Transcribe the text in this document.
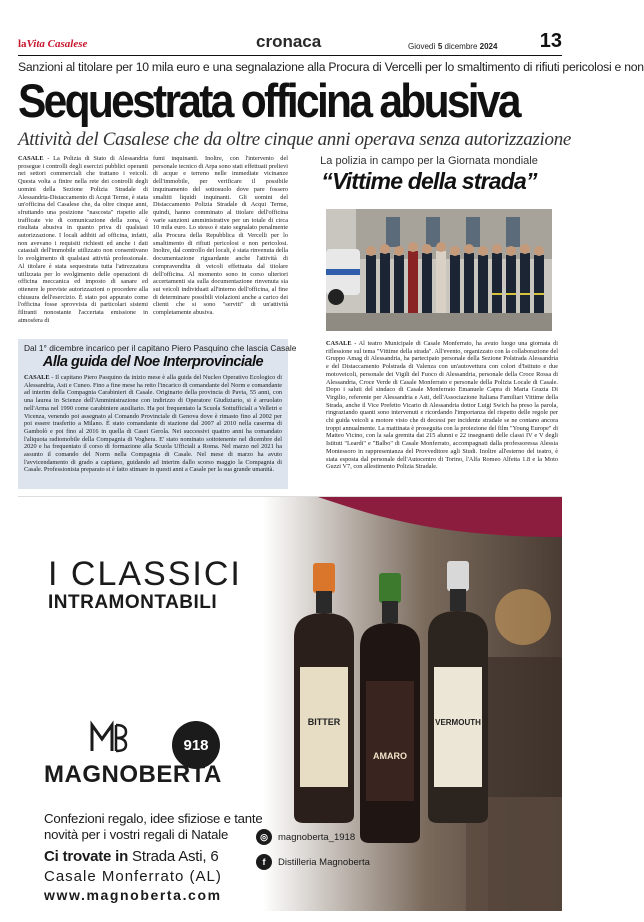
laVita Casalese	cronaca	Giovedì 5 dicembre 2024 13
Sanzioni al titolare per 10 mila euro e una segnalazione alla Procura di Vercelli per lo smaltimento di rifiuti pericolosi e non
Sequestrata officina abusiva
Attività del Casalese che da oltre cinque anni operava senza autorizzazione
CASALE - La Polizia di Stato di Alessandria prosegue i controlli degli esercizi pubblici operanti nei settori commerciali che trattano i veicoli. Questa volta a finire nella rete dei controlli degli uomini della Sezione Polizia Stradale di Alessandria-Distaccamento di Acqui Terme, è stata un'officina del Casalese che, da oltre cinque anni, sfruttando una posizione "nascosta" rispetto alle trafficate vie di comunicazione della zona, è risultata abusiva in quanto priva di qualsiasi autorizzazione. I locali adibiti ad officina, infatti, non avevano i requisiti richiesti ed anche i dati catastali dell'immobile utilizzato non consentivano lo svolgimento di qualsiasi attività professionale. Al titolare è stata sequestrata tutta l'attrezzatura utilizzata per lo svolgimento delle operazioni di officina meccanica ed imposto di sanare ed ottenere le previste autorizzazioni o procedere alla chiusura dell'esercizio. È stato poi appurato come l'officina fosse sprovvista di particolari sistemi filtranti nonostante l'accertata emissione in atmosfera di
fumi inquinanti. Inoltre, con l'intervento del personale tecnico di Arpa sono stati effettuati prelievi di acque e terreno nelle immediate vicinanze dell'immobile, per verificare il possibile inquinamento del sottosuolo dove pare fossero smaltiti liquidi inquinanti. Gli uomini del Distaccamento Polizia Stradale di Acqui Terme, quindi, hanno comminato al titolare dell'officina varie sanzioni amministrative per un totale di circa 10 mila euro. Lo stesso è stato segnalato penalmente alla Procura della Repubblica di Vercelli per lo smaltimento di rifiuti pericolosi e non pericolosi. Inoltre, dal controllo dei locali, è stata rinvenuta della documentazione riguardante anche l'attività di compravendita di veicoli effettuata dal titolare dell'officina. Al momento sono in corso ulteriori accertamenti sia sulla documentazione rinvenuta sia sui veicoli individuati all'interno dell'officina, al fine di determinare possibili violazioni anche a carico dei clienti che si sono "serviti" di un'attività completamente abusiva.
Dal 1° dicembre incarico per il capitano Piero Pasquino che lascia Casale
Alla guida del Noe Interprovinciale
CASALE - Il capitano Piero Pasquino da inizio mese è alla guida del Nucleo Operativo Ecologico di Alessandria, Asti e Cuneo. Fino a fine mese ha retto l'incarico di comandante del Norm e comandante ad interim della Compagnia Carabinieri di Casale. Originario della provincia di Pavia, 55 anni, con una laurea in Scienze dell'Amministrazione con indirizzo di Operatore Giudiziario, si è arruolato nell'Arma nel 1990 come carabiniere ausiliario. Ha poi frequentato la Scuola Sottufficiali a Velletri e Vicenza, venendo poi assegnato al Comando Provinciale di Genova dove è rimasto fino al 2002 per poi essere trasferito a Milano. È stato comandante di stazione dal 2007 al 2010 nella caserma di Gambolò e poi fino al 2016 in quella di Casei Gerola. Nei successivi quattro anni ha comandato l'aliquota radiomobile della Compagnia di Voghera. E' stato nominato sottotenente nel dicembre del 2020 e ha frequentato il corso di formazione alla Scuola Ufficiali a Roma. Nel marzo nel 2021 ha assunto il comando del Norm nella Compagnia di Casale. Nel mese di marzo ha avuto l'avvicendamento di grado a capitano, guidando ad interim dallo scorso maggio la Compagnia di Casale. Professionista preparato si è fatto stimare in questi anni a Casale per la sua grande umanità.
La polizia in campo per la Giornata mondiale
“Vittime della strada”
CASALE - Al teatro Municipale di Casale Monferrato, ha avuto luogo una giornata di riflessione sul tema "Vittime della strada". All'evento, organizzato con la collaborazione del Gruppo Amag di Alessandria, ha partecipato personale della Sezione Polstrada Alessandria e del Distaccamento Polstrada di Valenza con un'autovettura con colori d'Istituto e due motoveicoli, personale dei Vigili del Fuoco di Alessandria, personale della Croce Rossa di Alessandria, Croce Verde di Casale Monferrato e personale della Polizia Locale di Casale. Dopo i saluti del sindaco di Casale Monferrato Emanuele Capra di Maria Grazia Di Virgilio, referente per Alessandria e Asti, dell'Associazione Italiana Familiari Vittime della Strada, anche il Vice Prefetto Vicario di Alessandria dottor Luigi Swich ha preso la parola, ringraziando quanti sono intervenuti e ricordando l'importanza del rispetto delle regole per chi guida veicoli a motore visto che di decessi per incidente stradale se ne contano ancora troppi annualmente. La mattinata è proseguita con la proiezione del film "Young Europe" di Matteo Vicino, con la sala gremita dai 215 alunni e 22 insegnanti delle classi IV e V degli Istituti "Leardi" e "Balbo" di Casale Monferrato, accompagnati dalla professoressa Alessia Montessoro in rappresentanza del Provveditore agli Studi. Inoltre all'esterno del teatro, è stata esposta dal personale dell'Autocentro di Torino, l'Alfa Romeo Alfetta 1.8 e la Moto Guzzi V7, con allestimento Polizia Stradale.
BITTER
AMARO
VERMOUTH
I CLASSICI
INTRAMONTABILI
918
MAGNOBERTA
Confezioni regalo, idee sfiziose e tante
novità per i vostri regali di Natale
Ci trovate in Strada Asti, 6
Casale Monferrato (AL)
www.magnoberta.com
◎	magnoberta_1918
f	Distilleria Magnoberta
